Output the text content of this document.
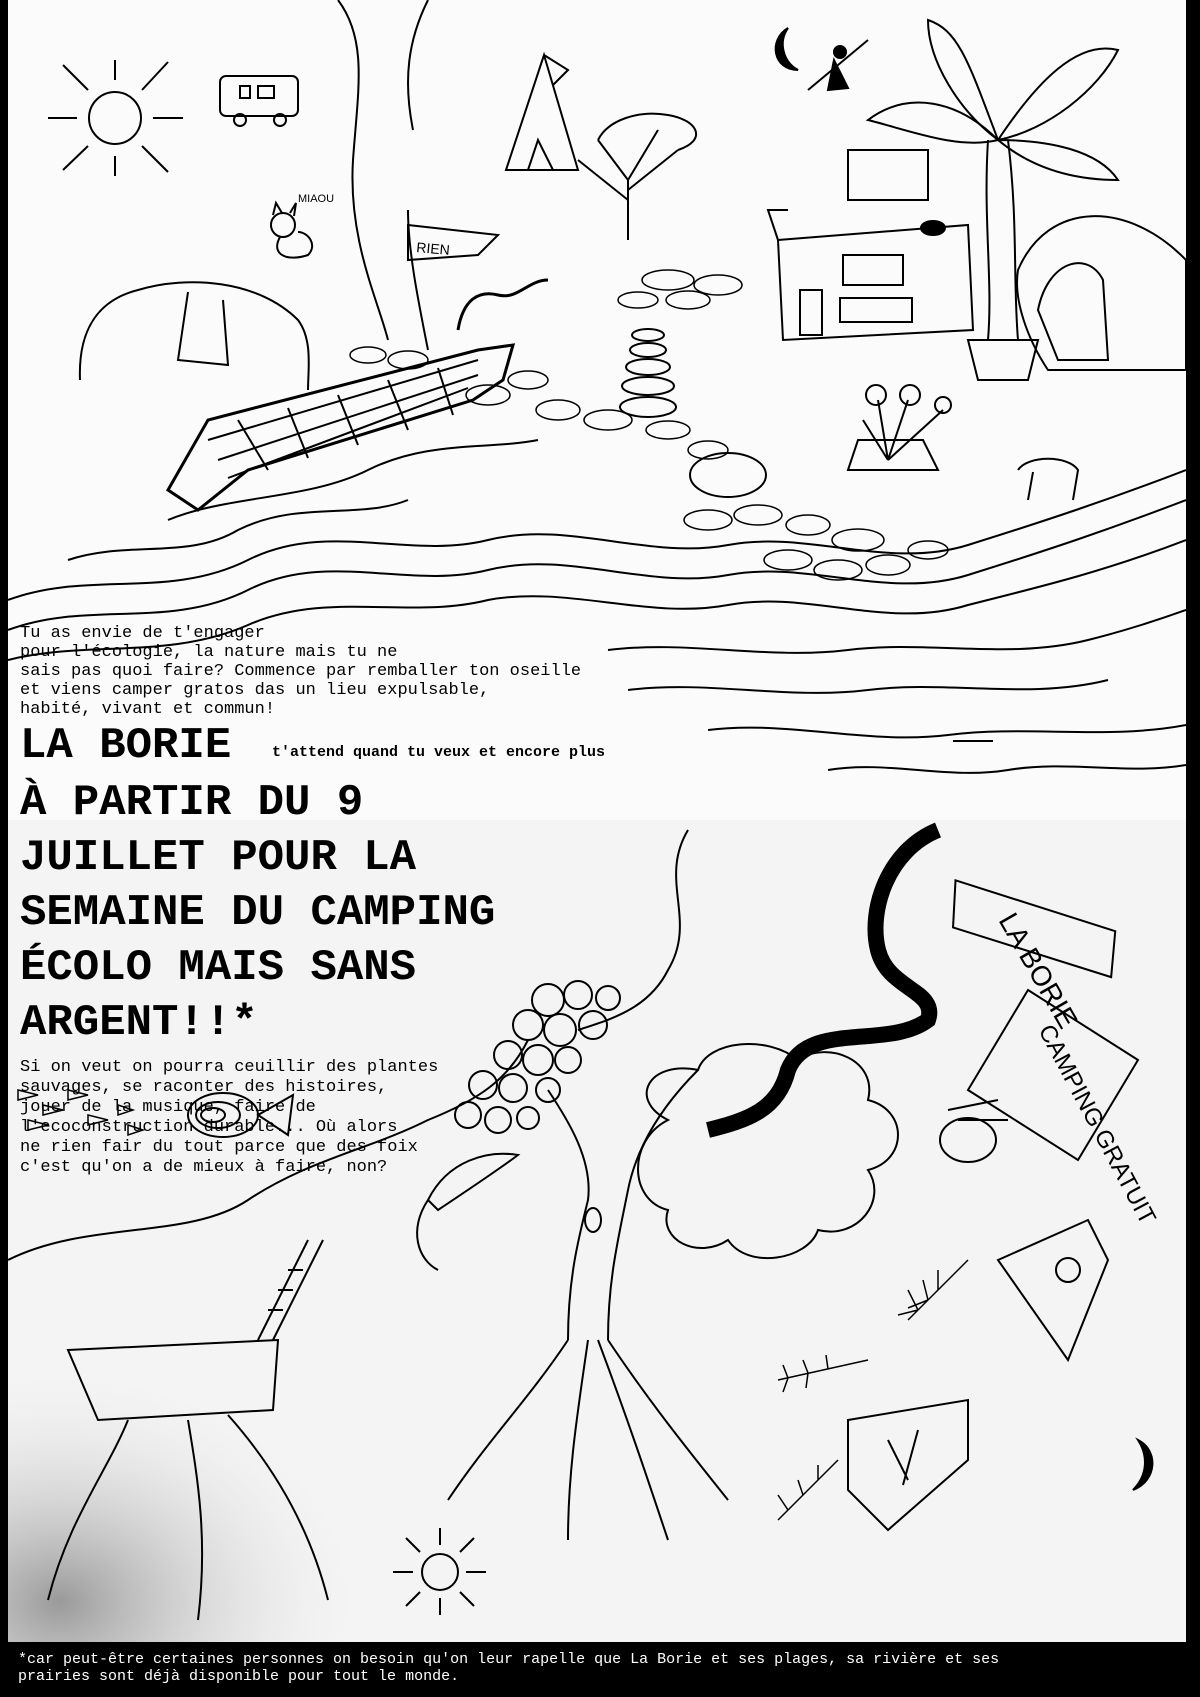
MIAOU
RIEN
LA BORIE
CAMPING GRATUIT

Tu as envie de t'engager
pour l'écologie, la nature mais tu ne
sais pas quoi faire? Commence par remballer ton oseille
et viens camper gratos das un lieu expulsable,
habité, vivant et commun!

LA BORIE	t'attend quand tu veux et encore plus
À PARTIR DU 9
JUILLET POUR LA
SEMAINE DU CAMPING
ÉCOLO MAIS SANS
ARGENT!!*

Si on veut on pourra ceuillir des plantes
sauvages, se raconter des histoires,
jouer de la musique, faire de
l'ecoconstruction durable... Où alors
ne rien fair du tout parce que des foix
c'est qu'on a de mieux à faire, non?

*car peut-être certaines personnes on besoin qu'on leur rapelle que La Borie et ses plages, sa rivière et ses
prairies sont déjà disponible pour tout le monde.
